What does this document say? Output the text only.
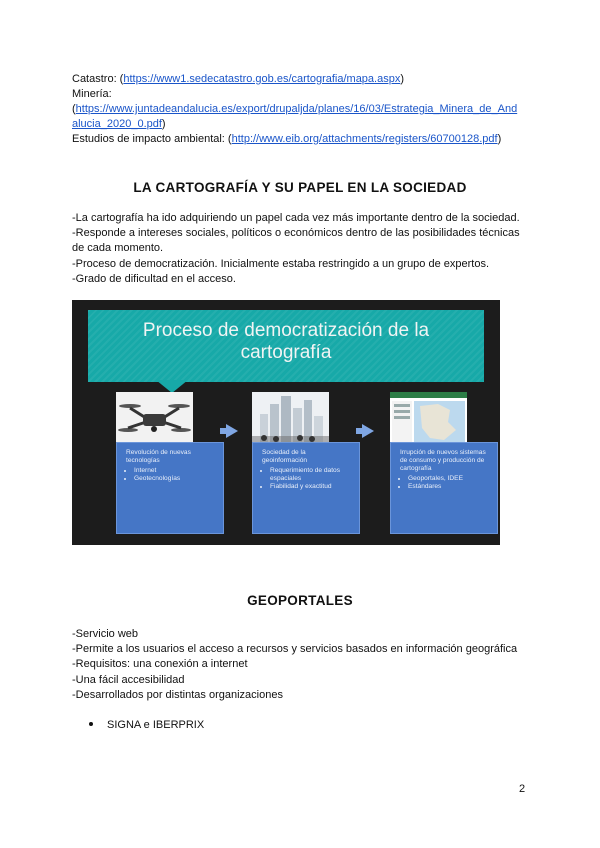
Catastro: (https://www1.sedecatastro.gob.es/cartografia/mapa.aspx)
Minería:
(https://www.juntadeandalucia.es/export/drupaljda/planes/16/03/Estrategia_Minera_de_And
alucia_2020_0.pdf)
Estudios de impacto ambiental: (http://www.eib.org/attachments/registers/60700128.pdf)
LA CARTOGRAFÍA Y SU PAPEL EN LA SOCIEDAD
-La cartografía ha ido adquiriendo un papel cada vez más importante dentro de la sociedad.
-Responde a intereses sociales, políticos o económicos dentro de las posibilidades técnicas
de cada momento.
-Proceso de democratización. Inicialmente estaba restringido a un grupo de expertos.
-Grado de dificultad en el acceso.
Proceso de democratización de la
cartografía
Revolución de nuevas tecnologías
• Internet
• Geotecnologías
Sociedad de la geoinformación
• Requerimiento de datos espaciales
• Fiabilidad y exactitud
Irrupción de nuevos sistemas de consumo y producción de cartografía
• Geoportales, IDEE
• Estándares
GEOPORTALES
-Servicio web
-Permite a los usuarios el acceso a recursos y servicios basados en información geográfica
-Requisitos: una conexión a internet
-Una fácil accesibilidad
-Desarrollados por distintas organizaciones
SIGNA e IBERPRIX
2
